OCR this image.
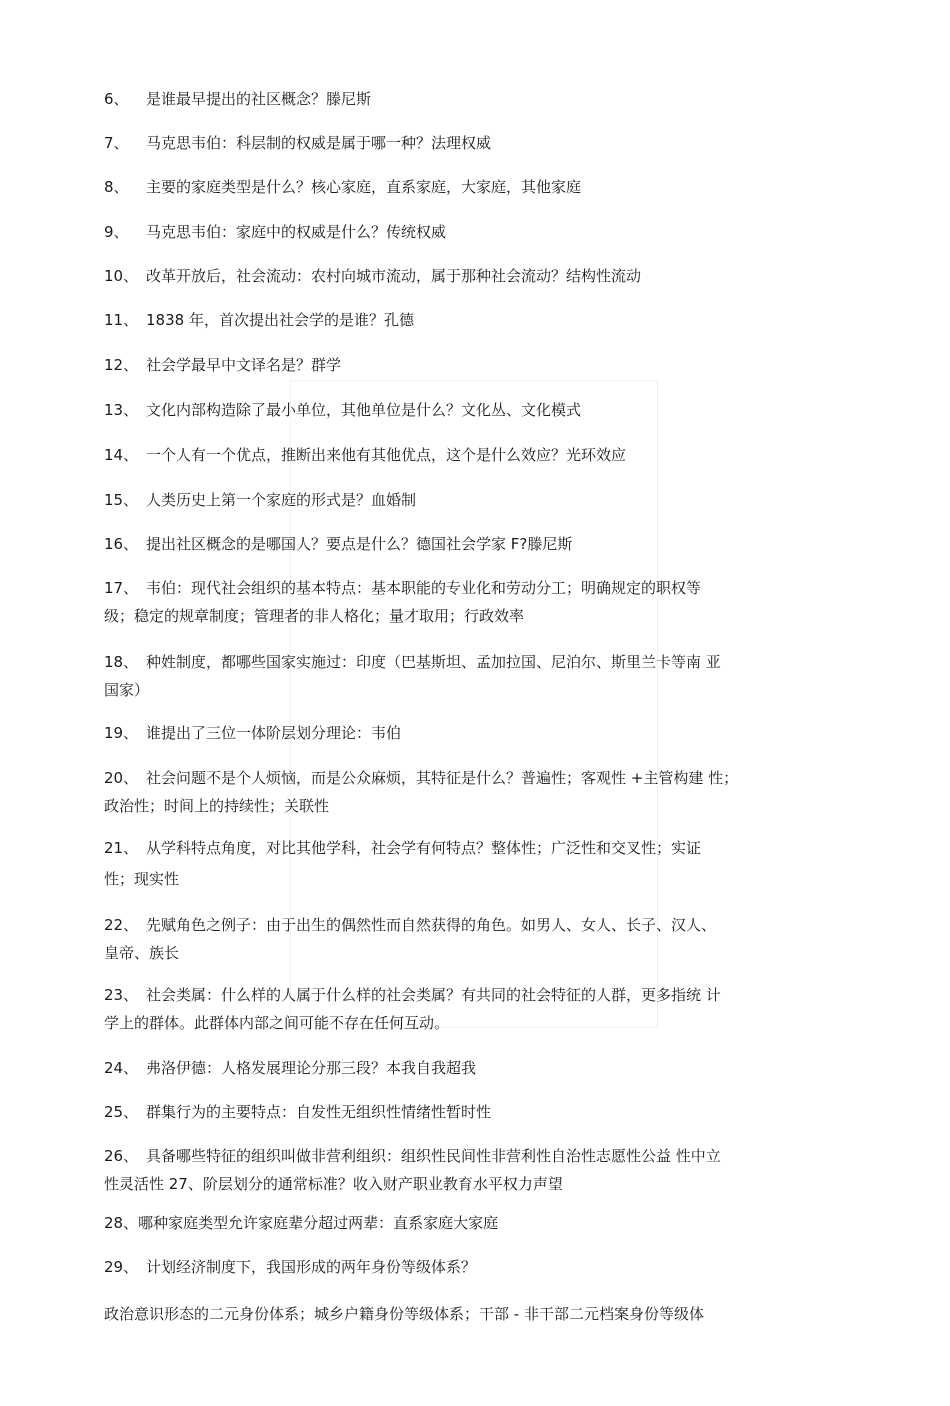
6、 是谁最早提出的社区概念？滕尼斯
7、 马克思韦伯：科层制的权威是属于哪一种？法理权威
8、 主要的家庭类型是什么？核心家庭，直系家庭，大家庭，其他家庭
9、 马克思韦伯：家庭中的权威是什么？传统权威
10、 改革开放后，社会流动：农村向城市流动，属于那种社会流动？结构性流动
11、 1838 年，首次提出社会学的是谁？孔德
12、 社会学最早中文译名是？群学
13、 文化内部构造除了最小单位，其他单位是什么？文化丛、文化模式
14、 一个人有一个优点，推断出来他有其他优点，这个是什么效应？光环效应
15、 人类历史上第一个家庭的形式是？血婚制
16、 提出社区概念的是哪国人？要点是什么？德国社会学家 F?滕尼斯
17、 韦伯：现代社会组织的基本特点：基本职能的专业化和劳动分工；明确规定的职权等
级；稳定的规章制度；管理者的非人格化；量才取用；行政效率
18、 种姓制度，都哪些国家实施过：印度（巴基斯坦、孟加拉国、尼泊尔、斯里兰卡等南 亚
国家）
19、 谁提出了三位一体阶层划分理论：韦伯
20、 社会问题不是个人烦恼，而是公众麻烦，其特征是什么？普遍性；客观性 +主管构建 性；
政治性；时间上的持续性；关联性
21、 从学科特点角度，对比其他学科，社会学有何特点？整体性；广泛性和交叉性；实证
性；现实性
22、 先赋角色之例子：由于出生的偶然性而自然获得的角色。如男人、女人、长子、汉人、
皇帝、族长
23、 社会类属：什么样的人属于什么样的社会类属？有共同的社会特征的人群，更多指统 计
学上的群体。此群体内部之间可能不存在任何互动。
24、 弗洛伊德：人格发展理论分那三段？本我自我超我
25、 群集行为的主要特点：自发性无组织性情绪性暂时性
26、 具备哪些特征的组织叫做非营利组织：组织性民间性非营利性自治性志愿性公益 性中立
性灵活性 27、阶层划分的通常标准？收入财产职业教育水平权力声望
28、哪种家庭类型允许家庭辈分超过两辈：直系家庭大家庭
29、 计划经济制度下，我国形成的两年身份等级体系？
政治意识形态的二元身份体系；城乡户籍身份等级体系；干部 - 非干部二元档案身份等级体
